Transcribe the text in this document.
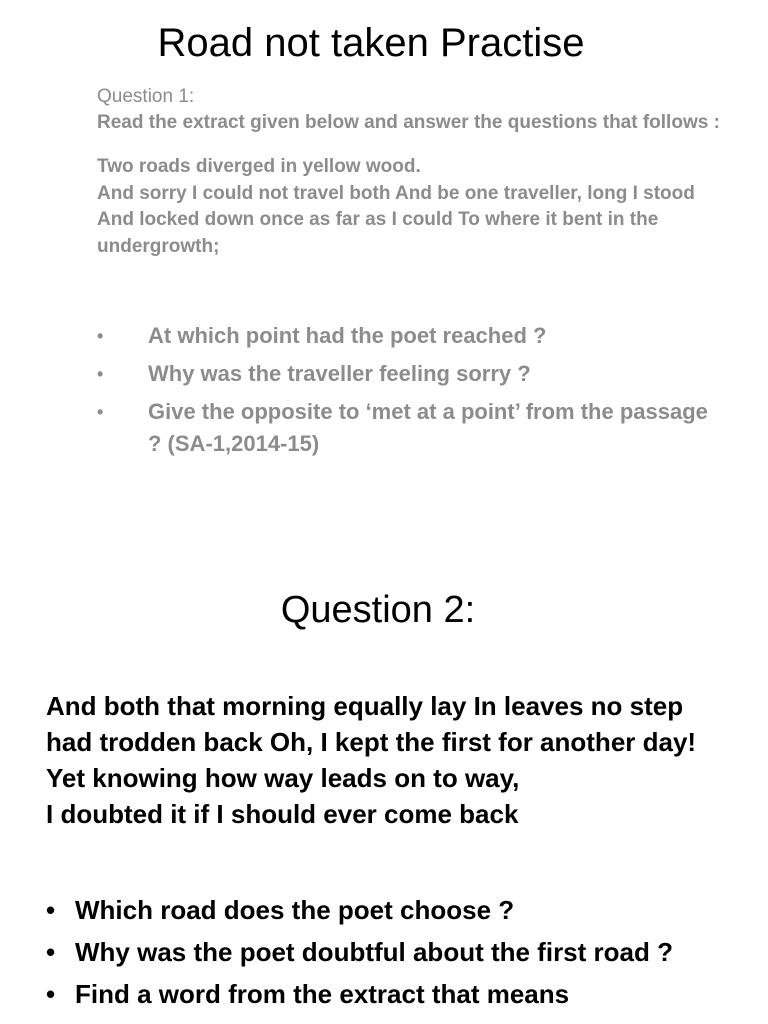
Road not taken Practise
Question 1:
Read the extract given below and answer the questions that follows :
Two roads diverged in yellow wood.
And sorry I could not travel both And be one traveller, long I stood
And locked down once as far as I could To where it bent in the
undergrowth;
• At which point had the poet reached ?
• Why was the traveller feeling sorry ?
• Give the opposite to ‘met at a point’ from the passage ? (SA-1,2014-15)
Question 2:
And both that morning equally lay In leaves no step
had trodden back Oh, I kept the first for another day!
Yet knowing how way leads on to way,
I doubted it if I should ever come back
• Which road does the poet choose ?
• Why was the poet doubtful about the first road ?
• Find a word from the extract that means
